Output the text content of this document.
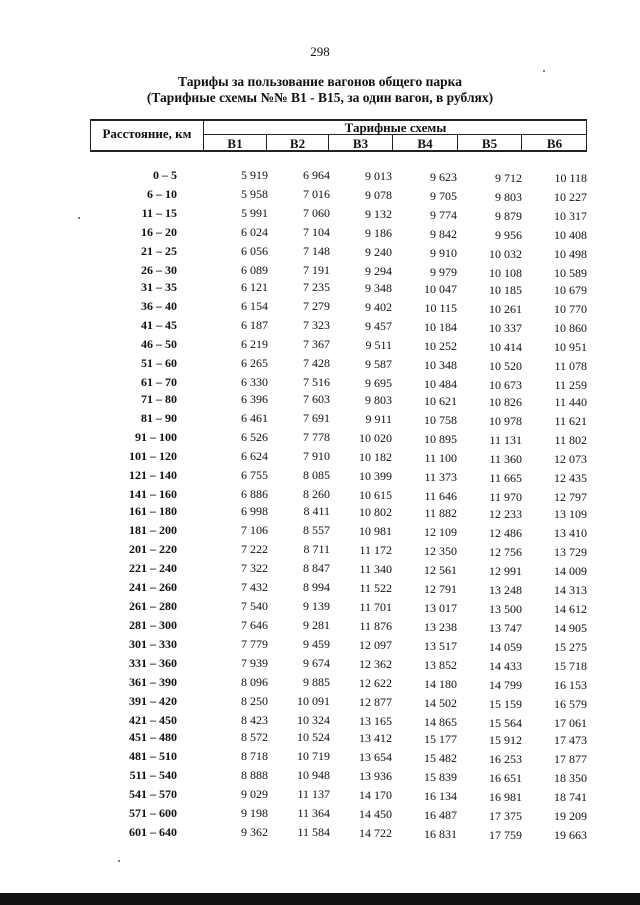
298
Тарифы за пользование вагонов общего парка
(Тарифные схемы №№ В1 - В15, за один вагон, в рублях)
Расстояние, км	Тарифные схемы
В1	В2	В3	В4	В5	В6
0 – 5	5 919	6 964	9 013	9 623	9 712	10 118
6 – 10	5 958	7 016	9 078	9 705	9 803	10 227
11 – 15	5 991	7 060	9 132	9 774	9 879	10 317
16 – 20	6 024	7 104	9 186	9 842	9 956	10 408
21 – 25	6 056	7 148	9 240	9 910	10 032	10 498
26 – 30	6 089	7 191	9 294	9 979	10 108	10 589
31 – 35	6 121	7 235	9 348	10 047	10 185	10 679
36 – 40	6 154	7 279	9 402	10 115	10 261	10 770
41 – 45	6 187	7 323	9 457	10 184	10 337	10 860
46 – 50	6 219	7 367	9 511	10 252	10 414	10 951
51 – 60	6 265	7 428	9 587	10 348	10 520	11 078
61 – 70	6 330	7 516	9 695	10 484	10 673	11 259
71 – 80	6 396	7 603	9 803	10 621	10 826	11 440
81 – 90	6 461	7 691	9 911	10 758	10 978	11 621
91 – 100	6 526	7 778	10 020	10 895	11 131	11 802
101 – 120	6 624	7 910	10 182	11 100	11 360	12 073
121 – 140	6 755	8 085	10 399	11 373	11 665	12 435
141 – 160	6 886	8 260	10 615	11 646	11 970	12 797
161 – 180	6 998	8 411	10 802	11 882	12 233	13 109
181 – 200	7 106	8 557	10 981	12 109	12 486	13 410
201 – 220	7 222	8 711	11 172	12 350	12 756	13 729
221 – 240	7 322	8 847	11 340	12 561	12 991	14 009
241 – 260	7 432	8 994	11 522	12 791	13 248	14 313
261 – 280	7 540	9 139	11 701	13 017	13 500	14 612
281 – 300	7 646	9 281	11 876	13 238	13 747	14 905
301 – 330	7 779	9 459	12 097	13 517	14 059	15 275
331 – 360	7 939	9 674	12 362	13 852	14 433	15 718
361 – 390	8 096	9 885	12 622	14 180	14 799	16 153
391 – 420	8 250	10 091	12 877	14 502	15 159	16 579
421 – 450	8 423	10 324	13 165	14 865	15 564	17 061
451 – 480	8 572	10 524	13 412	15 177	15 912	17 473
481 – 510	8 718	10 719	13 654	15 482	16 253	17 877
511 – 540	8 888	10 948	13 936	15 839	16 651	18 350
541 – 570	9 029	11 137	14 170	16 134	16 981	18 741
571 – 600	9 198	11 364	14 450	16 487	17 375	19 209
601 – 640	9 362	11 584	14 722	16 831	17 759	19 663
